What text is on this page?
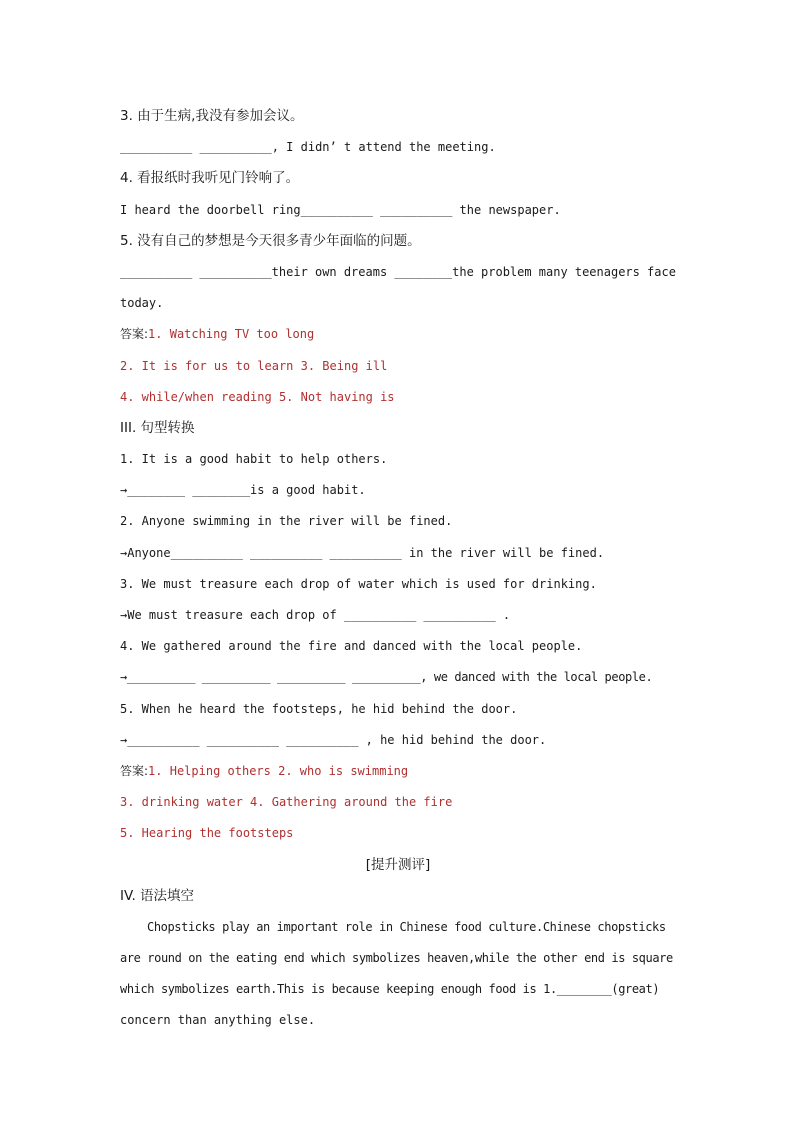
3. 由于生病,我没有参加会议。
__________ __________, I didn’ t attend the meeting.
4. 看报纸时我听见门铃响了。
I heard the doorbell ring__________ __________ the newspaper.
5. 没有自己的梦想是今天很多青少年面临的问题。
__________ __________their own dreams ________the problem many teenagers face
today.
答案:1. Watching TV too long
2. It is for us to learn 3. Being ill
4. while/when reading 5. Not having is
III. 句型转换
1. It is a good habit to help others.
→________ ________is a good habit.
2. Anyone swimming in the river will be fined.
→Anyone__________ __________ __________ in the river will be fined.
3. We must treasure each drop of water which is used for drinking.
→We must treasure each drop of __________ __________ .
4. We gathered around the fire and danced with the local people.
→__________ __________ __________ __________, we danced with the local people.
5. When he heard the footsteps, he hid behind the door.
→__________ __________ __________ , he hid behind the door.
答案:1. Helping others 2. who is swimming
3. drinking water 4. Gathering around the fire
5. Hearing the footsteps
[提升测评]
IV. 语法填空
Chopsticks play an important role in Chinese food culture.Chinese chopsticks
are round on the eating end which symbolizes heaven,while the other end is square
which symbolizes earth.This is because keeping enough food is 1.________(great)
concern than anything else.
